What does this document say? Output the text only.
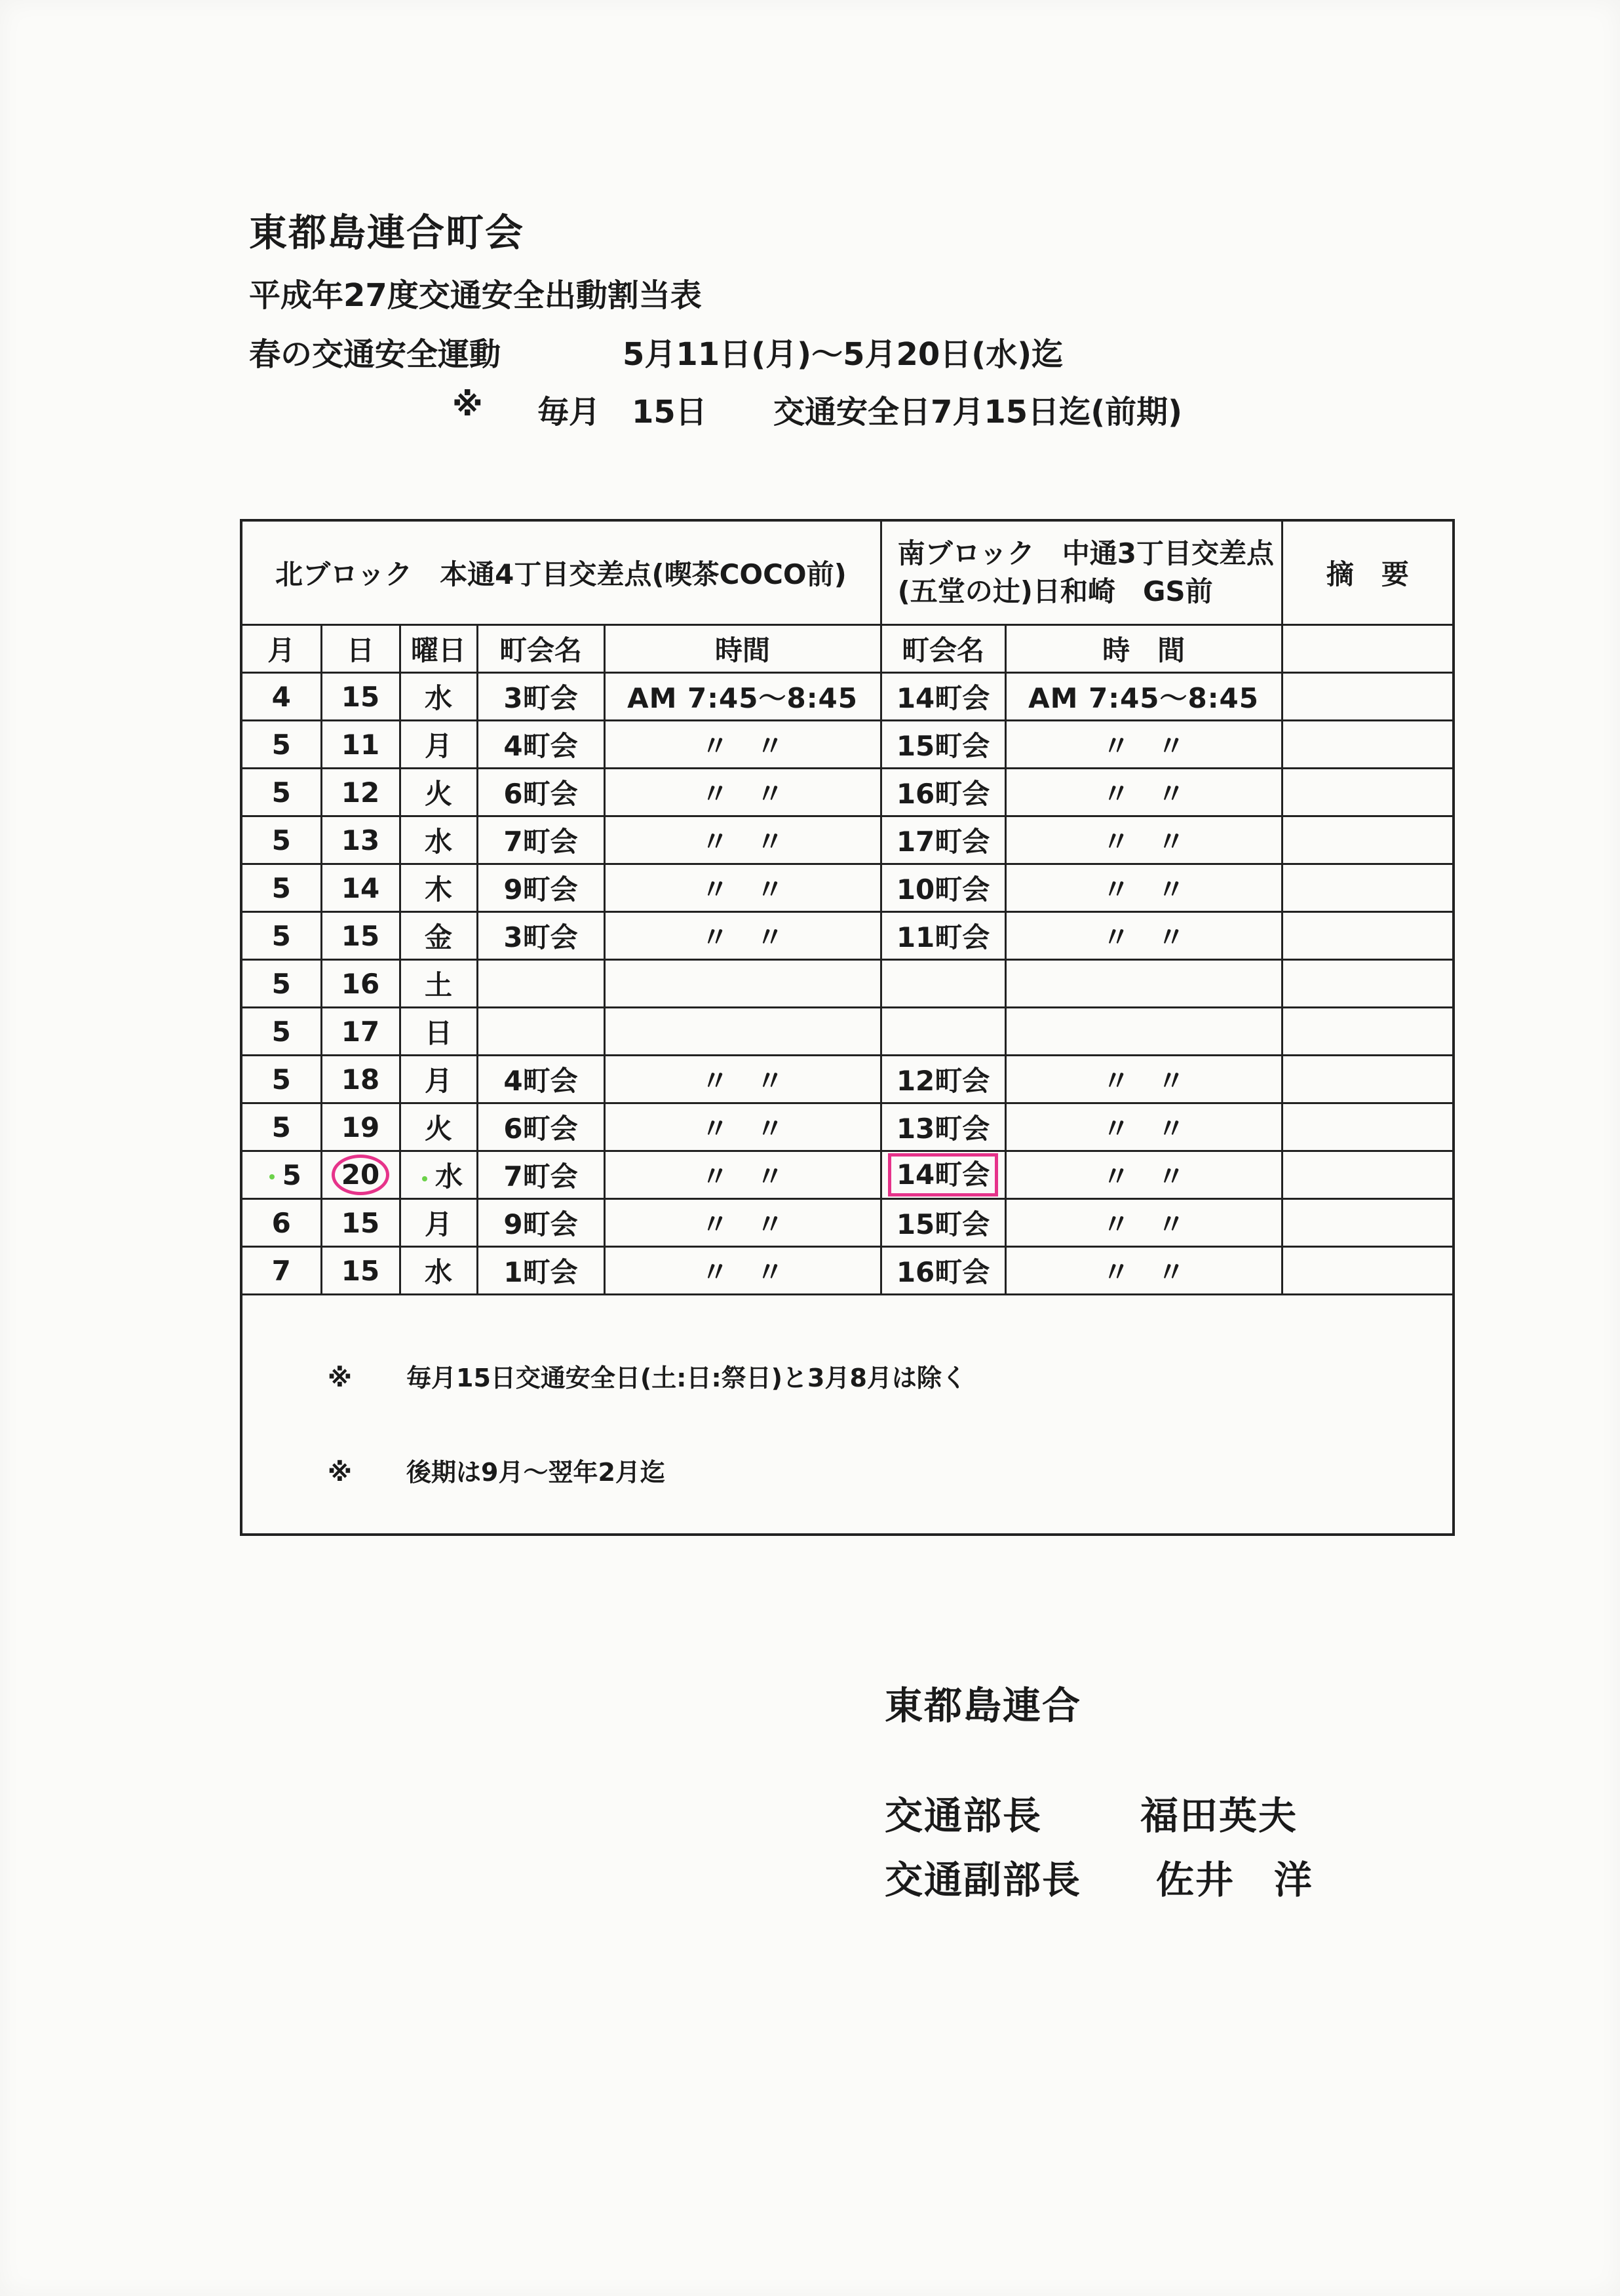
東都島連合町会
平成年27度交通安全出動割当表
春の交通安全運動	5月11日(月)～5月20日(水)迄
※ 毎月　15日 交通安全日7月15日迄(前期)
北ブロック　本通4丁目交差点(喫茶COCO前)					南ブロック　中通3丁目交差点
(五堂の辻)日和崎　GS前		摘　要
月	日	曜日	町会名	時間	町会名	時　間	
4	15	水	3町会	AM 7:45～8:45	14町会	AM 7:45～8:45	
5	11	月	4町会	〃　〃	15町会	〃　〃	
5	12	火	6町会	〃　〃	16町会	〃　〃	
5	13	水	7町会	〃　〃	17町会	〃　〃	
5	14	木	9町会	〃　〃	10町会	〃　〃	
5	15	金	3町会	〃　〃	11町会	〃　〃	
5	16	土					
5	17	日					
5	18	月	4町会	〃　〃	12町会	〃　〃	
5	19	火	6町会	〃　〃	13町会	〃　〃	
5	20	水	7町会	〃　〃	14町会	〃　〃	
6	15	月	9町会	〃　〃	15町会	〃　〃	
7	15	水	1町会	〃　〃	16町会	〃　〃	
※ 毎月15日交通安全日(土:日:祭日)と3月8月は除く
※ 後期は9月～翌年2月迄
東都島連合
交通部長	福田英夫
交通副部長 佐井　洋
